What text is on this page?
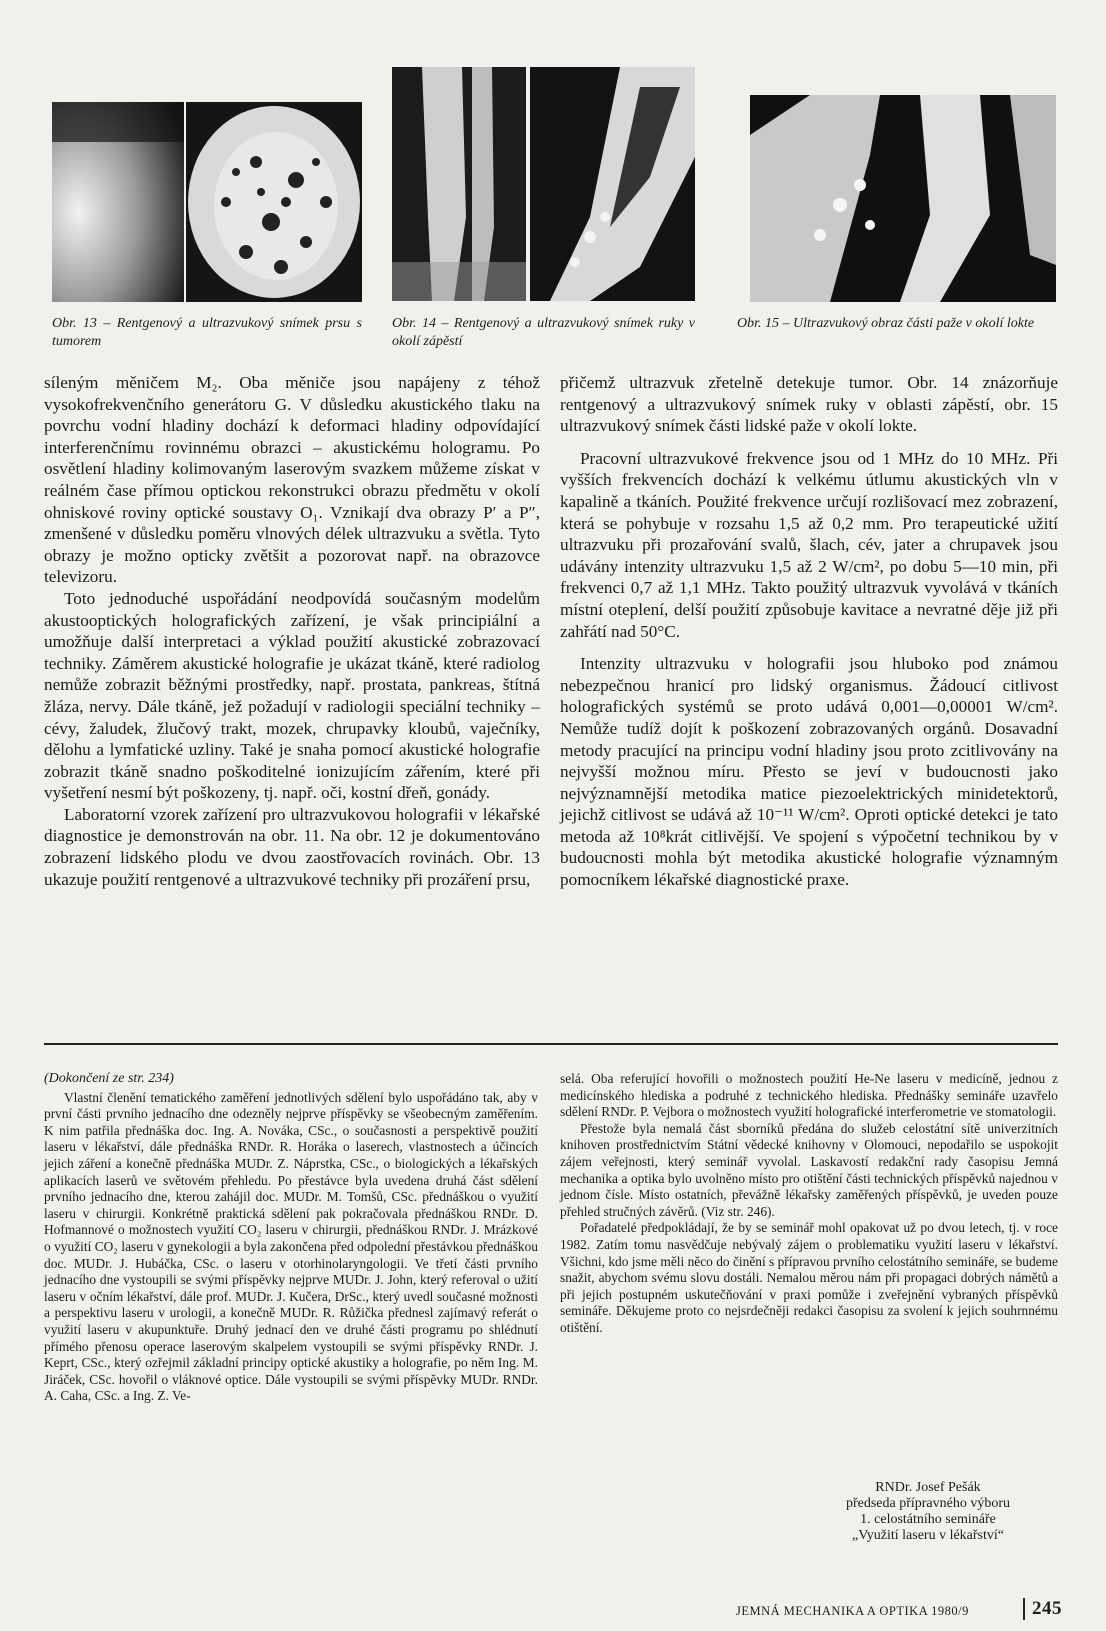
Obr. 13 – Rentgenový a ultrazvukový snímek prsu s tumorem
Obr. 14 – Rentgenový a ultrazvukový snímek ruky v okolí zápěstí
Obr. 15 – Ultrazvukový obraz části paže v okolí lokte

síleným měničem M₂. Oba měniče jsou napájeny z téhož vysokofrekvenčního generátoru G. V důsledku akustického tlaku na povrchu vodní hladiny dochází k deformaci hladiny odpovídající interferenčnímu rovinnému obrazci – akustickému hologramu. Po osvětlení hladiny kolimovaným laserovým svazkem můžeme získat v reálném čase přímou optickou rekonstrukci obrazu předmětu v okolí ohniskové roviny optické soustavy O₁. Vznikají dva obrazy P′ a P″, zmenšené v důsledku poměru vlnových délek ultrazvuku a světla. Tyto obrazy je možno opticky zvětšit a pozorovat např. na obrazovce televizoru.

Toto jednoduché uspořádání neodpovídá současným modelům akustooptických holografických zařízení, je však principiální a umožňuje další interpretaci a výklad použití akustické zobrazovací techniky. Záměrem akustické holografie je ukázat tkáně, které radiolog nemůže zobrazit běžnými prostředky, např. prostata, pankreas, štítná žláza, nervy. Dále tkáně, jež požadují v radiologii speciální techniky – cévy, žaludek, žlučový trakt, mozek, chrupavky kloubů, vaječníky, dělohu a lymfatické uzliny. Také je snaha pomocí akustické holografie zobrazit tkáně snadno poškoditelné ionizujícím zářením, které při vyšetření nesmí být poškozeny, tj. např. oči, kostní dřeň, gonády.

Laboratorní vzorek zařízení pro ultrazvukovou holografii v lékařské diagnostice je demonstrován na obr. 11. Na obr. 12 je dokumentováno zobrazení lidského plodu ve dvou zaostřovacích rovinách. Obr. 13 ukazuje použití rentgenové a ultrazvukové techniky při prozáření prsu,

přičemž ultrazvuk zřetelně detekuje tumor. Obr. 14 znázorňuje rentgenový a ultrazvukový snímek ruky v oblasti zápěstí, obr. 15 ultrazvukový snímek části lidské paže v okolí lokte.

Pracovní ultrazvukové frekvence jsou od 1 MHz do 10 MHz. Při vyšších frekvencích dochází k velkému útlumu akustických vln v kapalině a tkáních. Použité frekvence určují rozlišovací mez zobrazení, která se pohybuje v rozsahu 1,5 až 0,2 mm. Pro terapeutické užití ultrazvuku při prozařování svalů, šlach, cév, jater a chrupavek jsou udávány intenzity ultrazvuku 1,5 až 2 W/cm², po dobu 5—10 min, při frekvenci 0,7 až 1,1 MHz. Takto použitý ultrazvuk vyvolává v tkáních místní oteplení, delší použití způsobuje kavitace a nevratné děje již při zahřátí nad 50°C.

Intenzity ultrazvuku v holografii jsou hluboko pod známou nebezpečnou hranicí pro lidský organismus. Žádoucí citlivost holografických systémů se proto udává 0,001—0,00001 W/cm². Nemůže tudíž dojít k poškození zobrazovaných orgánů. Dosavadní metody pracující na principu vodní hladiny jsou proto zcitlivovány na nejvyšší možnou míru. Přesto se jeví v budoucnosti jako nejvýznamnější metodika matice piezoelektrických minidetektorů, jejichž citlivost se udává až 10⁻¹¹ W/cm². Oproti optické detekci je tato metoda až 10⁸krát citlivější. Ve spojení s výpočetní technikou by v budoucnosti mohla být metodika akustické holografie významným pomocníkem lékařské diagnostické praxe.

(Dokončení ze str. 234)

Vlastní členění tematického zaměření jednotlivých sdělení bylo uspořádáno tak, aby v první části prvního jednacího dne odezněly nejprve příspěvky se všeobecným zaměřením. K nim patřila přednáška doc. Ing. A. Nováka, CSc., o současnosti a perspektivě použití laseru v lékařství, dále přednáška RNDr. R. Horáka o laserech, vlastnostech a účincích jejich záření a konečně přednáška MUDr. Z. Náprstka, CSc., o biologických a lékařských aplikacích laserů ve světovém přehledu. Po přestávce byla uvedena druhá část sdělení prvního jednacího dne, kterou zahájil doc. MUDr. M. Tomšů, CSc. přednáškou o využití laseru v chirurgii. Konkrétně praktická sdělení pak pokračovala přednáškou RNDr. D. Hofmannové o možnostech využití CO₂ laseru v chirurgii, přednáškou RNDr. J. Mrázkové o využití CO₂ laseru v gynekologii a byla zakončena před odpolední přestávkou přednáškou doc. MUDr. J. Hubáčka, CSc. o laseru v otorhinolaryngologii. Ve třetí části prvního jednacího dne vystoupili se svými příspěvky nejprve MUDr. J. John, který referoval o užití laseru v očním lékařství, dále prof. MUDr. J. Kučera, DrSc., který uvedl současné možnosti a perspektivu laseru v urologii, a konečně MUDr. R. Růžička přednesl zajímavý referát o využití laseru v akupunktuře. Druhý jednací den ve druhé části programu po shlédnutí přímého přenosu operace laserovým skalpelem vystoupili se svými příspěvky RNDr. J. Keprt, CSc., který ozřejmil základní principy optické akustiky a holografie, po něm Ing. M. Jiráček, CSc. hovořil o vláknové optice. Dále vystoupili se svými příspěvky MUDr. RNDr. A. Caha, CSc. a Ing. Z. Ve-

selá. Oba referující hovořili o možnostech použití He-Ne laseru v medicíně, jednou z medicínského hlediska a podruhé z technického hlediska. Přednášky semináře uzavřelo sdělení RNDr. P. Vejbora o možnostech využití holografické interferometrie ve stomatologii.

Přestože byla nemalá část sborníků předána do služeb celostátní sítě univerzitních knihoven prostřednictvím Státní vědecké knihovny v Olomouci, nepodařilo se uspokojit zájem veřejnosti, který seminář vyvolal. Laskavostí redakční rady časopisu Jemná mechanika a optika bylo uvolněno místo pro otištění části technických příspěvků najednou v jednom čísle. Místo ostatních, převážně lékařsky zaměřených příspěvků, je uveden pouze přehled stručných závěrů. (Viz str. 246).

Pořadatelé předpokládají, že by se seminář mohl opakovat už po dvou letech, tj. v roce 1982. Zatím tomu nasvědčuje nebývalý zájem o problematiku využití laseru v lékařství. Všichni, kdo jsme měli něco do činění s přípravou prvního celostátního semináře, se budeme snažit, abychom svému slovu dostáli. Nemalou měrou nám při propagaci dobrých námětů a při jejich postupném uskutečňování v praxi pomůže i zveřejnění vybraných příspěvků semináře. Děkujeme proto co nejsrdečněji redakci časopisu za svolení k jejich souhrnnému otištění.

RNDr. Josef Pešák
předseda přípravného výboru
1. celostátního semináře
„Využití laseru v lékařství“
JEMNÁ MECHANIKA A OPTIKA 1980/9	245
